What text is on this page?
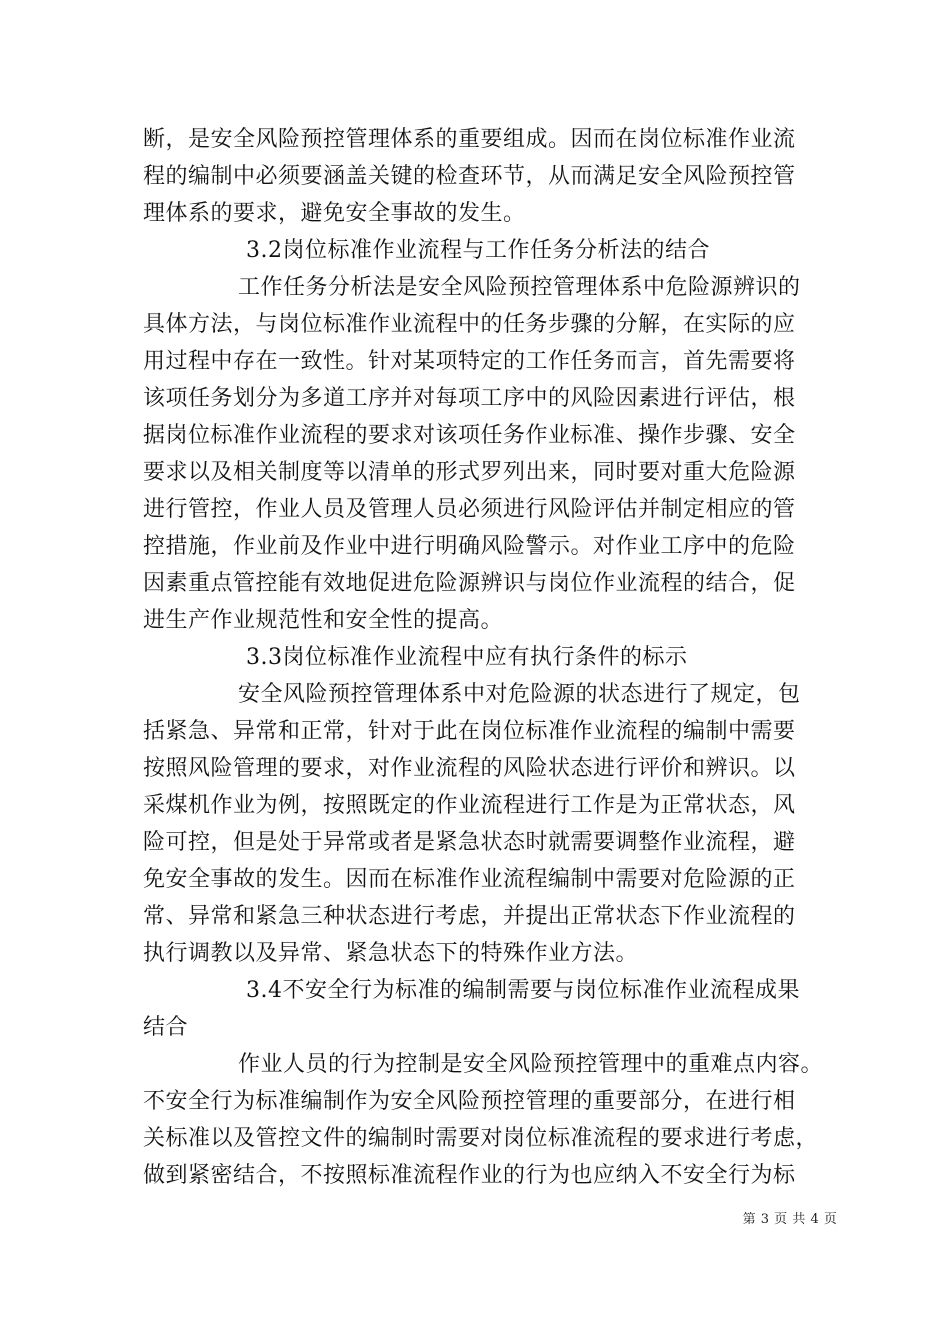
断，是安全风险预控管理体系的重要组成。因而在岗位标准作业流
程的编制中必须要涵盖关键的检查环节，从而满足安全风险预控管
理体系的要求，避免安全事故的发生。
3.2岗位标准作业流程与工作任务分析法的结合
工作任务分析法是安全风险预控管理体系中危险源辨识的
具体方法，与岗位标准作业流程中的任务步骤的分解，在实际的应
用过程中存在一致性。针对某项特定的工作任务而言，首先需要将
该项任务划分为多道工序并对每项工序中的风险因素进行评估，根
据岗位标准作业流程的要求对该项任务作业标准、操作步骤、安全
要求以及相关制度等以清单的形式罗列出来，同时要对重大危险源
进行管控，作业人员及管理人员必须进行风险评估并制定相应的管
控措施，作业前及作业中进行明确风险警示。对作业工序中的危险
因素重点管控能有效地促进危险源辨识与岗位作业流程的结合，促
进生产作业规范性和安全性的提高。
3.3岗位标准作业流程中应有执行条件的标示
安全风险预控管理体系中对危险源的状态进行了规定，包
括紧急、异常和正常，针对于此在岗位标准作业流程的编制中需要
按照风险管理的要求，对作业流程的风险状态进行评价和辨识。以
采煤机作业为例，按照既定的作业流程进行工作是为正常状态，风
险可控，但是处于异常或者是紧急状态时就需要调整作业流程，避
免安全事故的发生。因而在标准作业流程编制中需要对危险源的正
常、异常和紧急三种状态进行考虑，并提出正常状态下作业流程的
执行调教以及异常、紧急状态下的特殊作业方法。
3.4不安全行为标准的编制需要与岗位标准作业流程成果
结合
作业人员的行为控制是安全风险预控管理中的重难点内容。
不安全行为标准编制作为安全风险预控管理的重要部分，在进行相
关标准以及管控文件的编制时需要对岗位标准流程的要求进行考虑，
做到紧密结合，不按照标准流程作业的行为也应纳入不安全行为标
第 3 页 共 4 页
